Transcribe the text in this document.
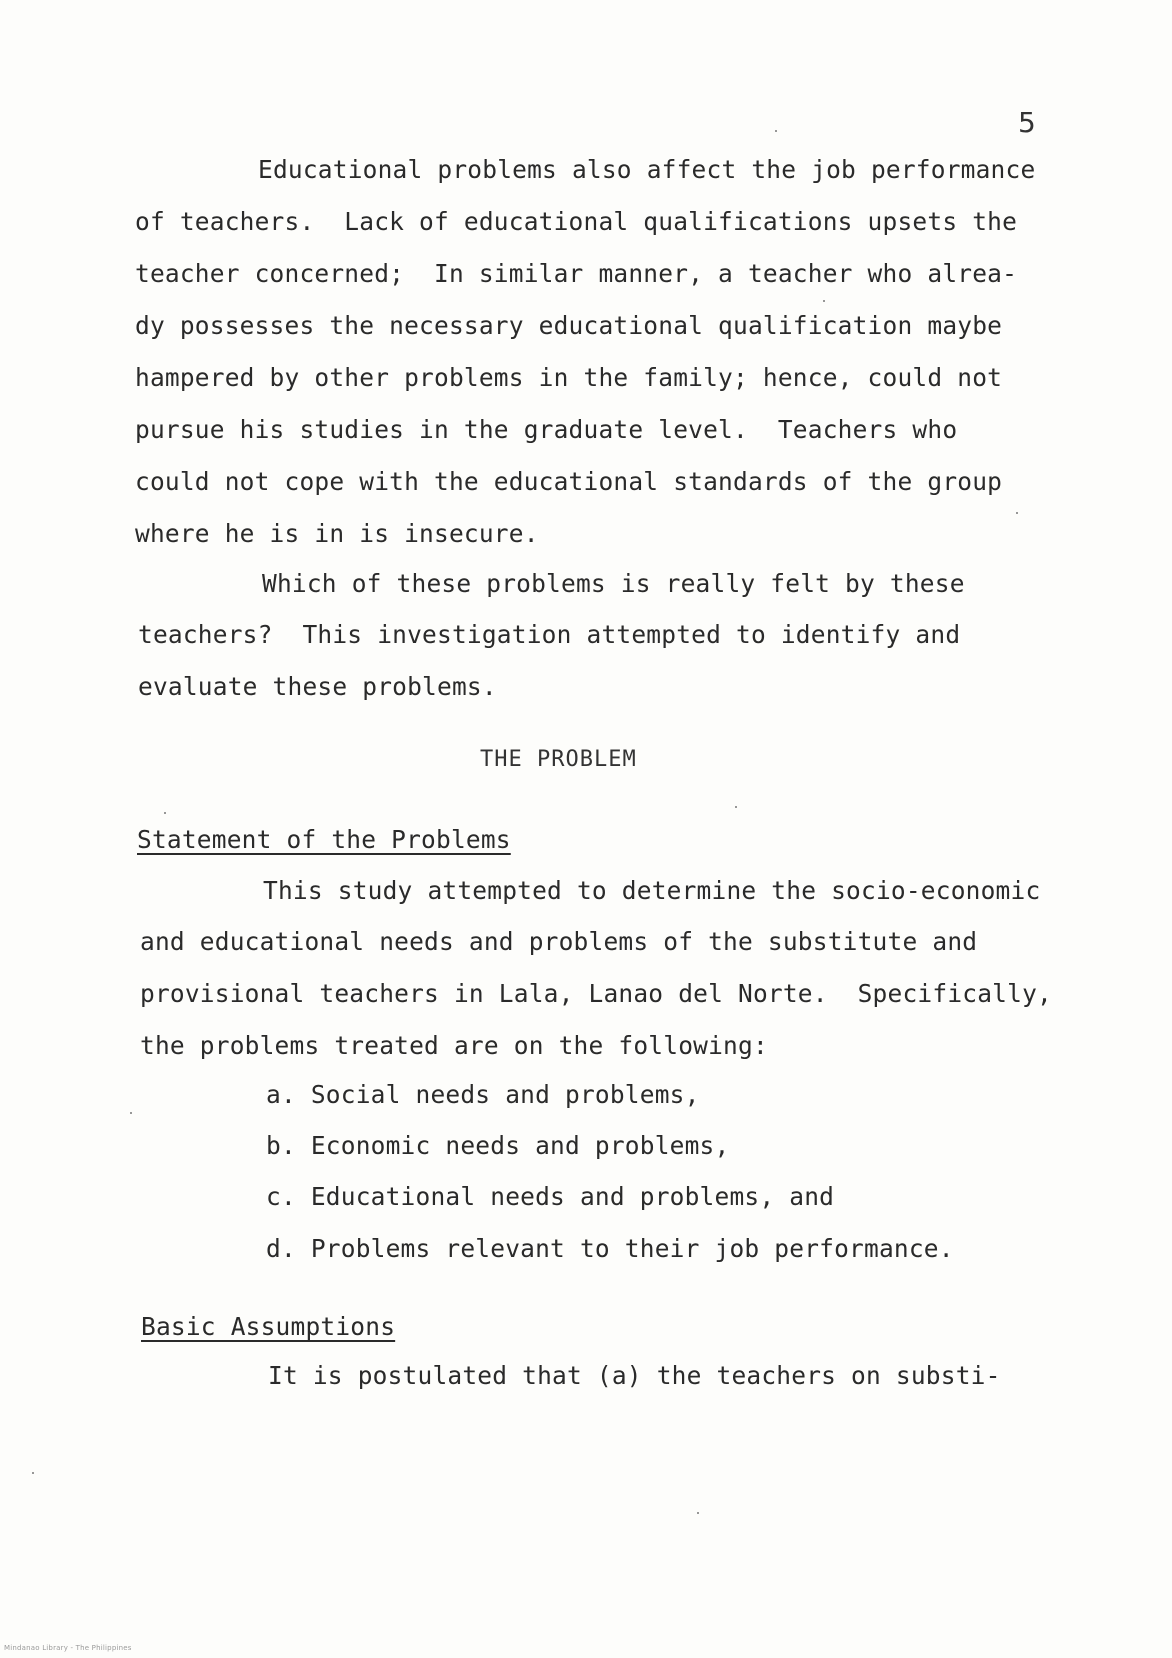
5
Educational problems also affect the job performance
of teachers.  Lack of educational qualifications upsets the
teacher concerned;  In similar manner, a teacher who alrea-
dy possesses the necessary educational qualification maybe
hampered by other problems in the family; hence, could not
pursue his studies in the graduate level.  Teachers who
could not cope with the educational standards of the group
where he is in is insecure.
Which of these problems is really felt by these
teachers?  This investigation attempted to identify and
evaluate these problems.
THE PROBLEM
Statement of the Problems
This study attempted to determine the socio-economic
and educational needs and problems of the substitute and
provisional teachers in Lala, Lanao del Norte.  Specifically,
the problems treated are on the following:
a. Social needs and problems,
b. Economic needs and problems,
c. Educational needs and problems, and
d. Problems relevant to their job performance.
Basic Assumptions
It is postulated that (a) the teachers on substi-
Mindanao Library - The Philippines
